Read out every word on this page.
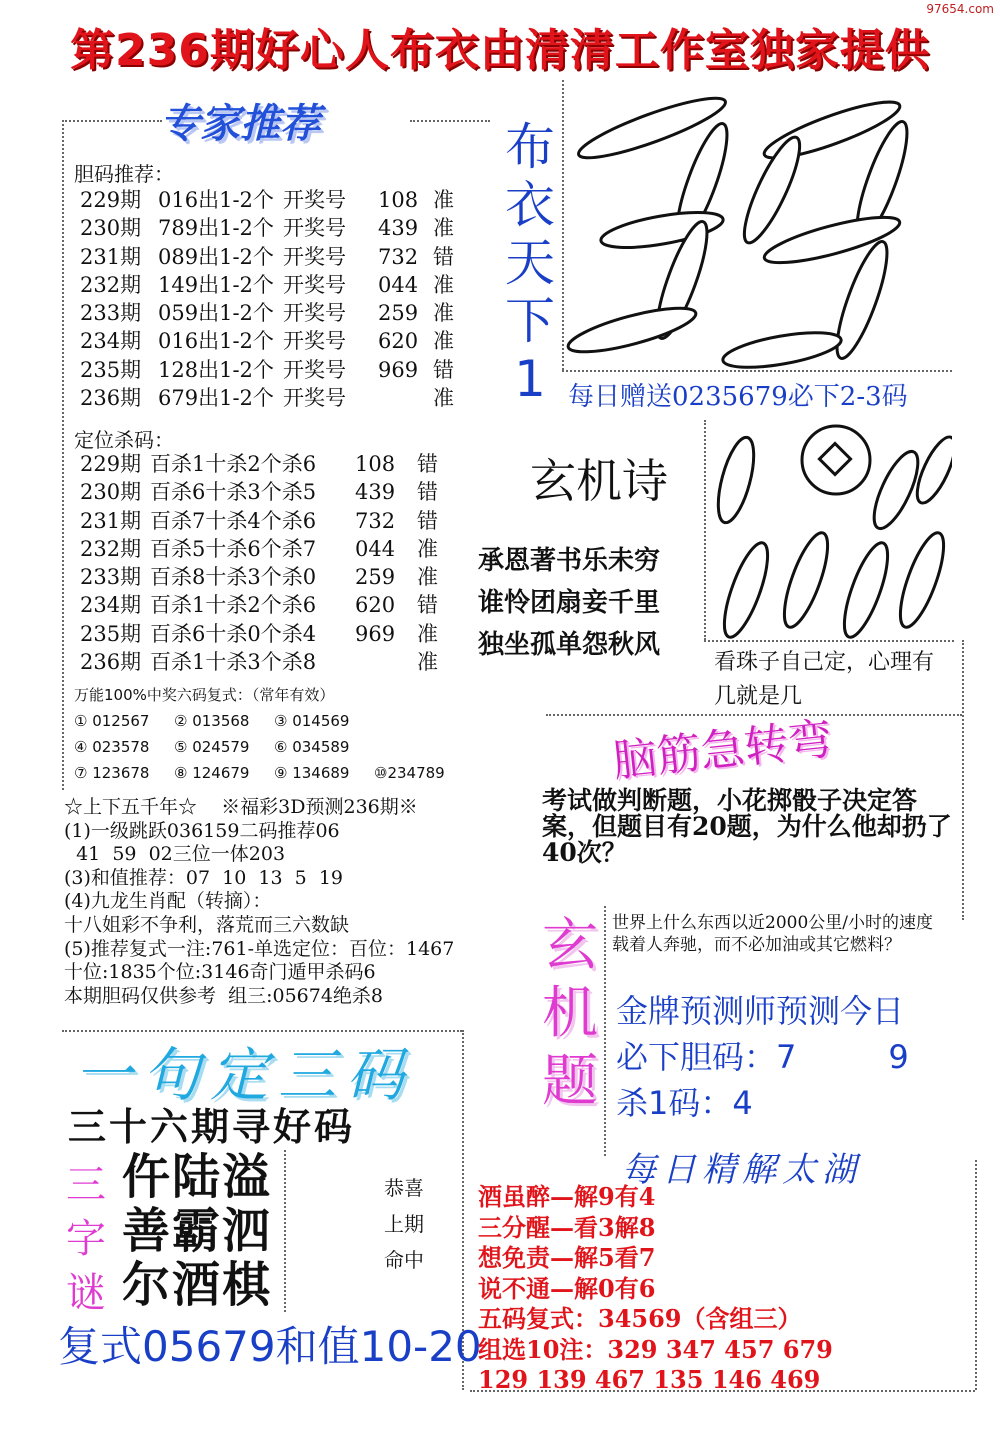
97654.com
第236期好心人布衣由清清工作室独家提供
专家推荐
胆码推荐：
229期 016出1-2个 开奖号	108 准
230期 789出1-2个 开奖号	439 准
231期 089出1-2个 开奖号	732 错
232期 149出1-2个 开奖号	044 准
233期 059出1-2个 开奖号	259 准
234期 016出1-2个 开奖号	620 准
235期 128出1-2个 开奖号	969 错
236期 679出1-2个 开奖号	准
定位杀码：
229期 百杀1十杀2个杀6	108	错
230期 百杀6十杀3个杀5	439	错
231期 百杀7十杀4个杀6	732	错
232期 百杀5十杀6个杀7	044	准
233期 百杀8十杀3个杀0	259	准
234期 百杀1十杀2个杀6	620	错
235期 百杀6十杀0个杀4	969	准
236期 百杀1十杀3个杀8	准
万能100%中奖六码复式：（常年有效）
① 012567	② 013568	③ 014569
④ 023578	⑤ 024579	⑥ 034589
⑦ 123678	⑧ 124679	⑨ 134689	⑩234789
☆上下五千年☆    ※福彩3D预测236期※
(1)一级跳跃036159二码推荐06
41  59  02三位一体203
(3)和值推荐：07  10  13  5  19
(4)九龙生肖配（转摘）：
十八姐彩不争利，落荒而三六数缺
(5)推荐复式一注:761-单选定位：百位：1467
十位:1835个位:3146奇门遁甲杀码6
本期胆码仅供参考  组三:05674绝杀8
布
衣
天
下
1 每日赠送0235679必下2-3码
玄机诗
承恩著书乐未穷
谁怜团扇妾千里
独坐孤单怨秋风
看珠子自己定，心理有几就是几
脑筋急转弯
考试做判断题，小花掷骰子决定答案，但题目有20题，为什么他却扔了40次？
玄
机
题
世界上什么东西以近2000公里/小时的速度载着人奔驰，而不必加油或其它燃料？
金牌预测师预测今日
必下胆码：7	9
杀1码：4
每日精解太湖
酒虽醉—解9有4
三分醒—看3解8
想免责—解5看7
说不通—解0有6
五码复式：34569（含组三）
组选10注：329 347 457 679
129 139 467 135 146 469
一句定三码
三十六期寻好码
三
字
谜
仵陆溢
善霸泗
尔酒棋
恭喜
上期
命中
复式05679和值10-20
